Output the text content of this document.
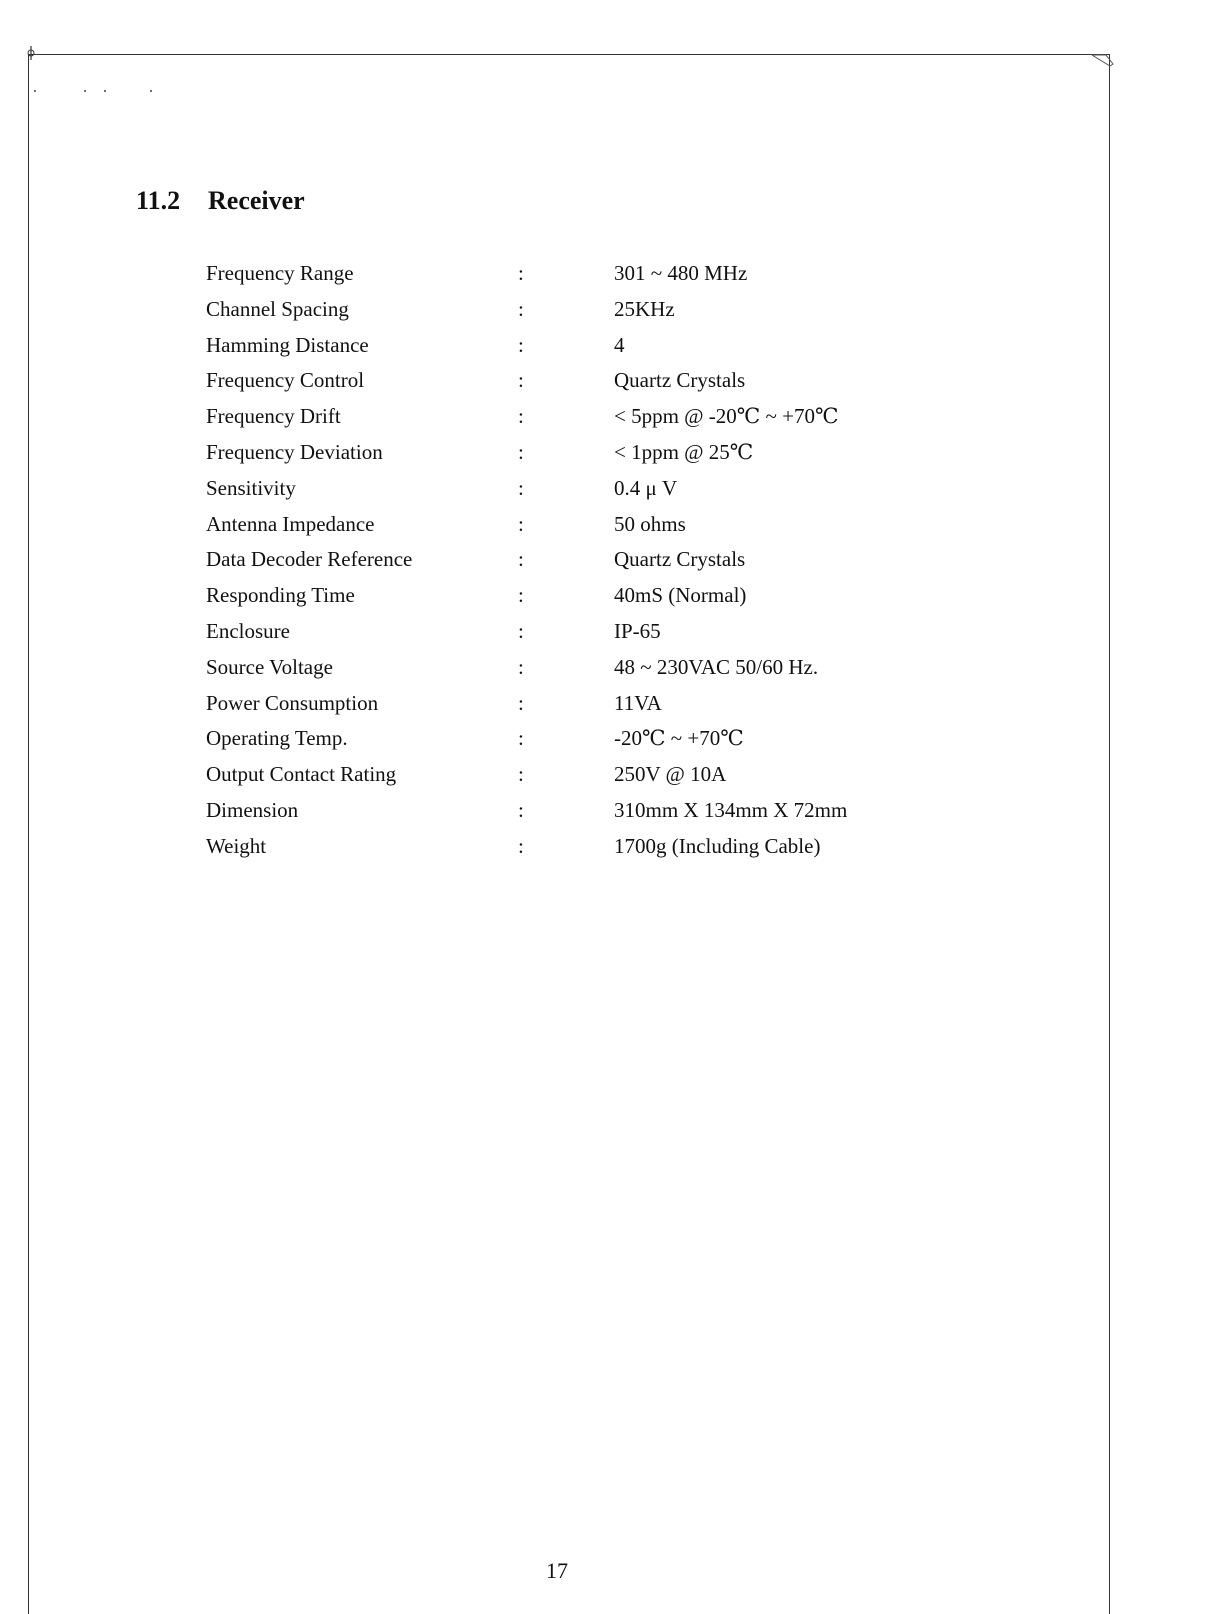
11.2 Receiver
Frequency Range	:	301 ~ 480 MHz
Channel Spacing	:	25KHz
Hamming Distance	:	4
Frequency Control	:	Quartz Crystals
Frequency Drift	:	< 5ppm @ -20℃ ~ +70℃
Frequency Deviation	:	< 1ppm @ 25℃
Sensitivity	:	0.4 μ V
Antenna Impedance	:	50 ohms
Data Decoder Reference	:	Quartz Crystals
Responding Time	:	40mS (Normal)
Enclosure	:	IP-65
Source Voltage	:	48 ~ 230VAC 50/60 Hz.
Power Consumption	:	11VA
Operating Temp.	:	-20℃ ~ +70℃
Output Contact Rating	:	250V @ 10A
Dimension	:	310mm X 134mm X 72mm
Weight	:	1700g (Including Cable)
17
